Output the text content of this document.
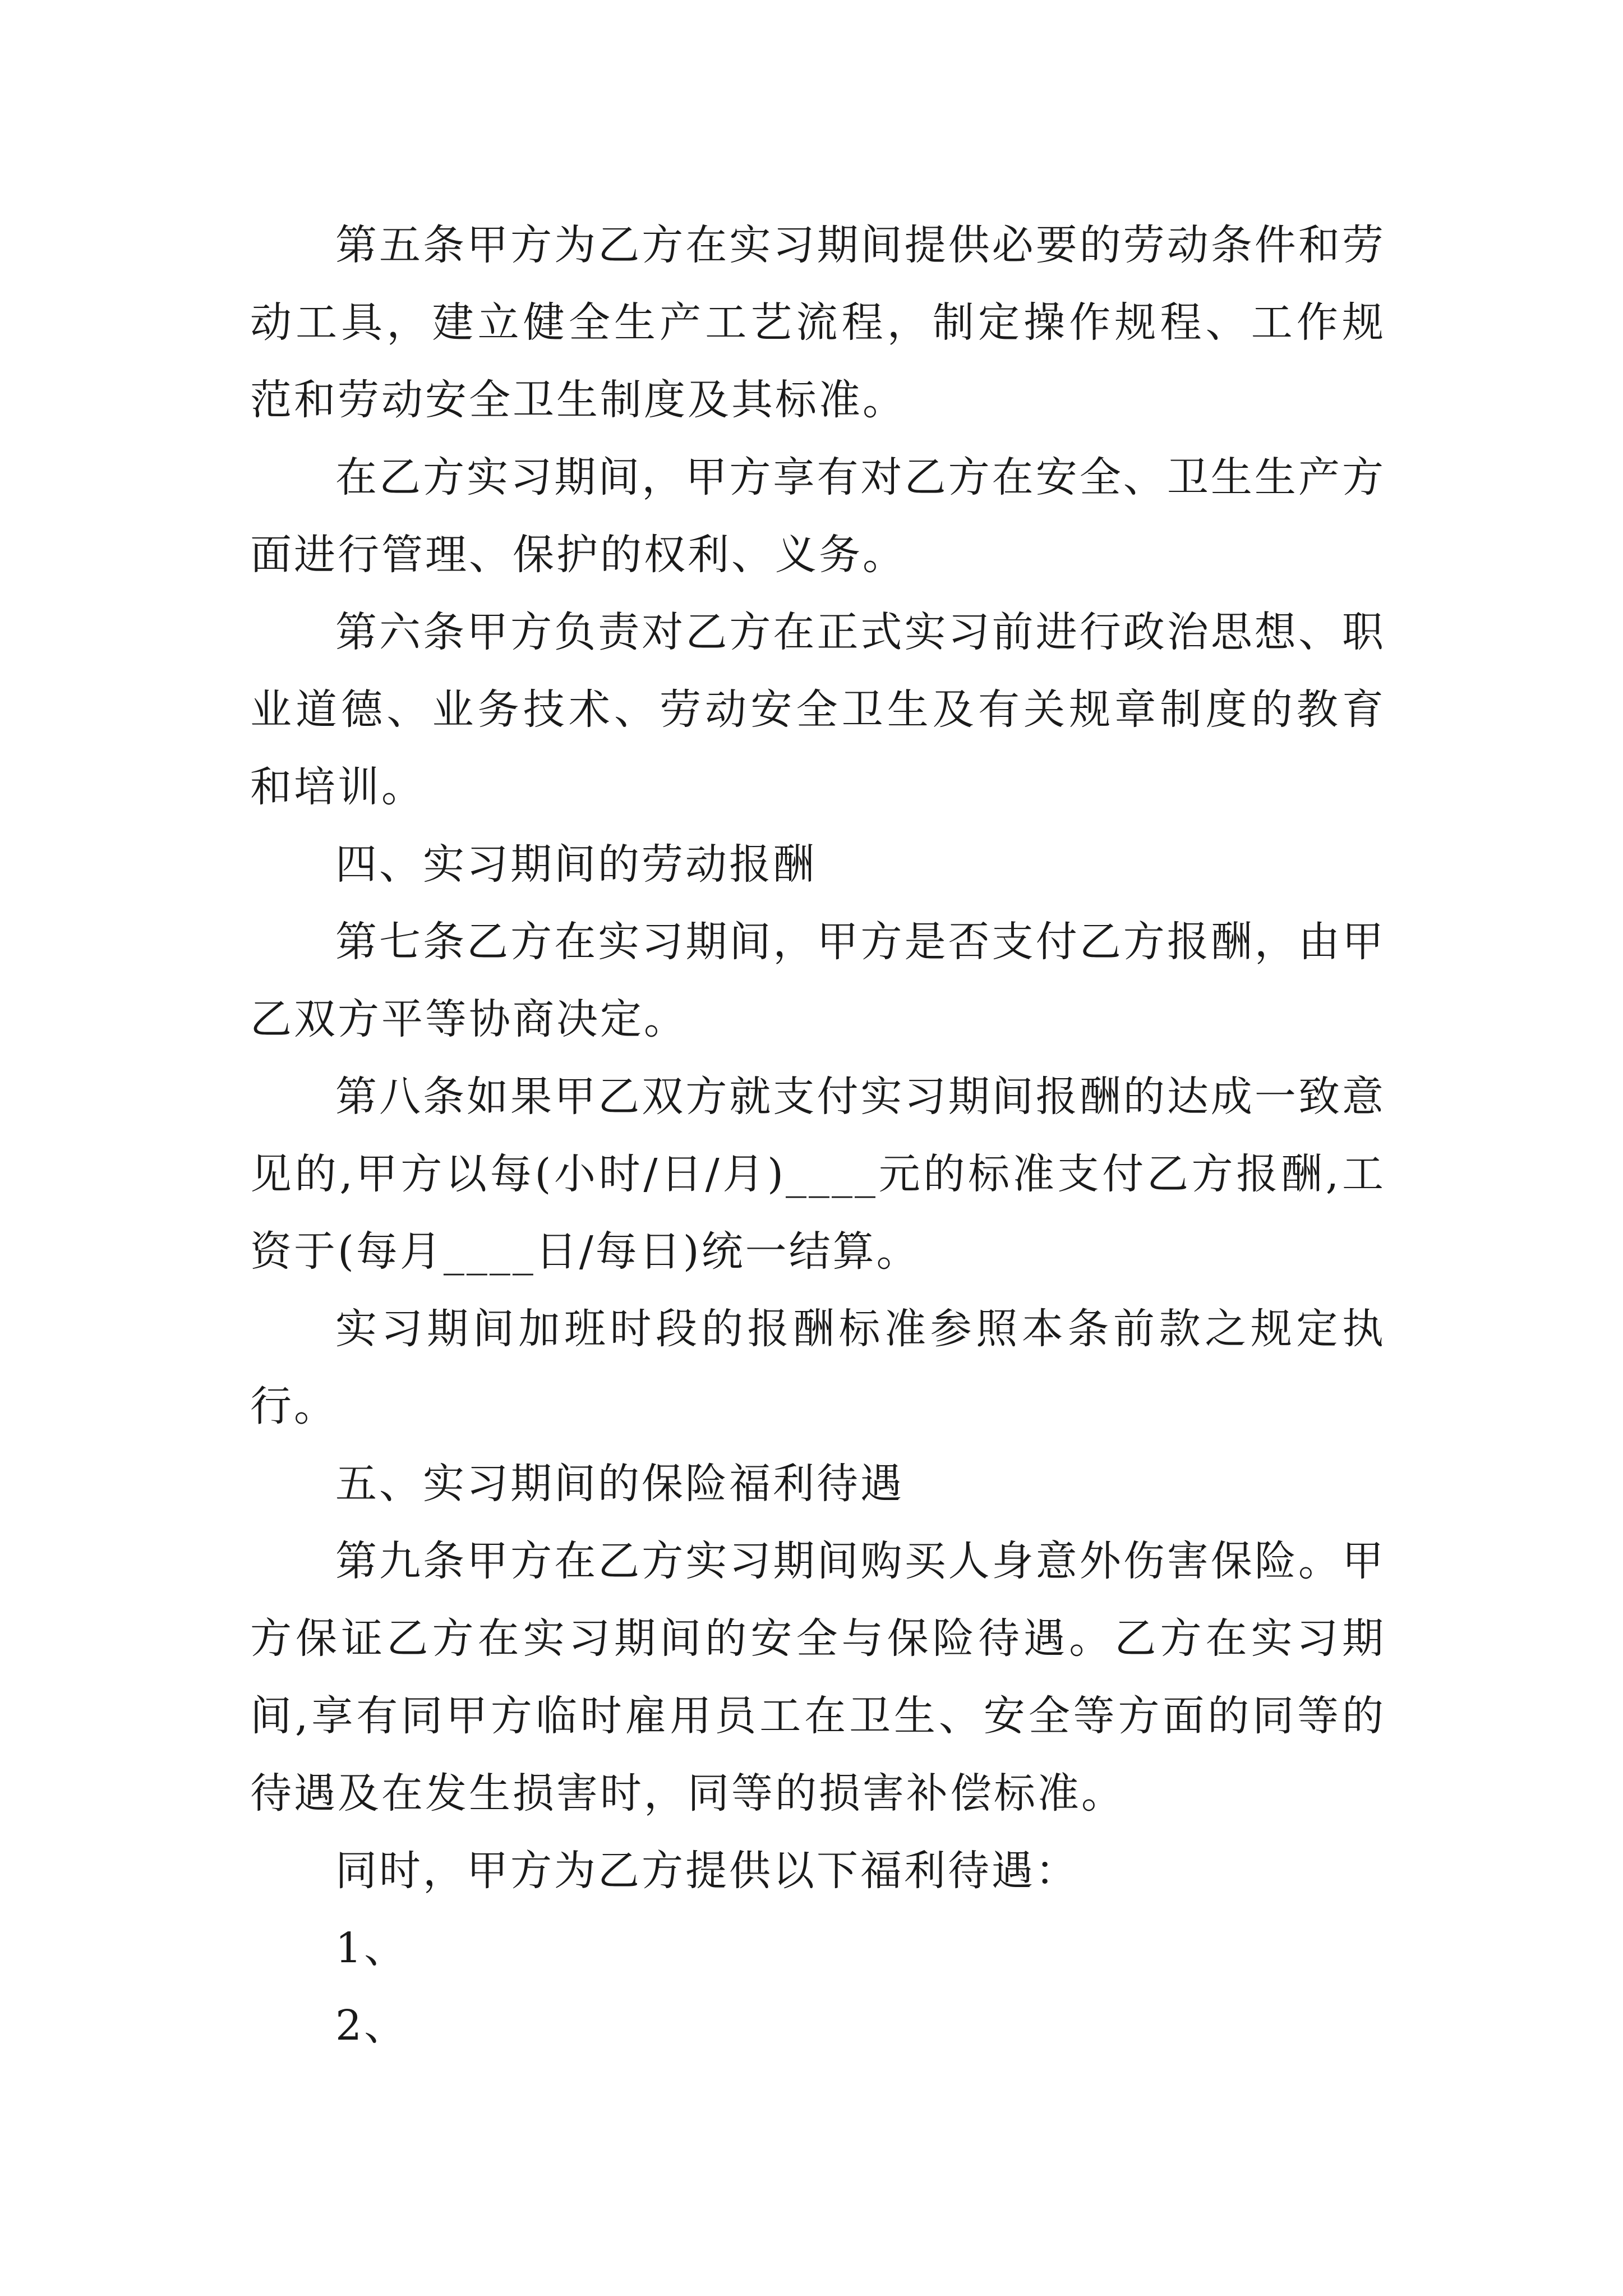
第五条甲方为乙方在实习期间提供必要的劳动条件和劳动工具，建立健全生产工艺流程，制定操作规程、工作规范和劳动安全卫生制度及其标准。

在乙方实习期间，甲方享有对乙方在安全、卫生生产方面进行管理、保护的权利、义务。

第六条甲方负责对乙方在正式实习前进行政治思想、职业道德、业务技术、劳动安全卫生及有关规章制度的教育和培训。

四、实习期间的劳动报酬

第七条乙方在实习期间，甲方是否支付乙方报酬，由甲乙双方平等协商决定。

第八条如果甲乙双方就支付实习期间报酬的达成一致意见的,甲方以每(小时/日/月)____元的标准支付乙方报酬,工资于(每月____日/每日)统一结算。

实习期间加班时段的报酬标准参照本条前款之规定执行。

五、实习期间的保险福利待遇

第九条甲方在乙方实习期间购买人身意外伤害保险。甲方保证乙方在实习期间的安全与保险待遇。乙方在实习期间,享有同甲方临时雇用员工在卫生、安全等方面的同等的待遇及在发生损害时，同等的损害补偿标准。

同时，甲方为乙方提供以下福利待遇：

1、

2、
